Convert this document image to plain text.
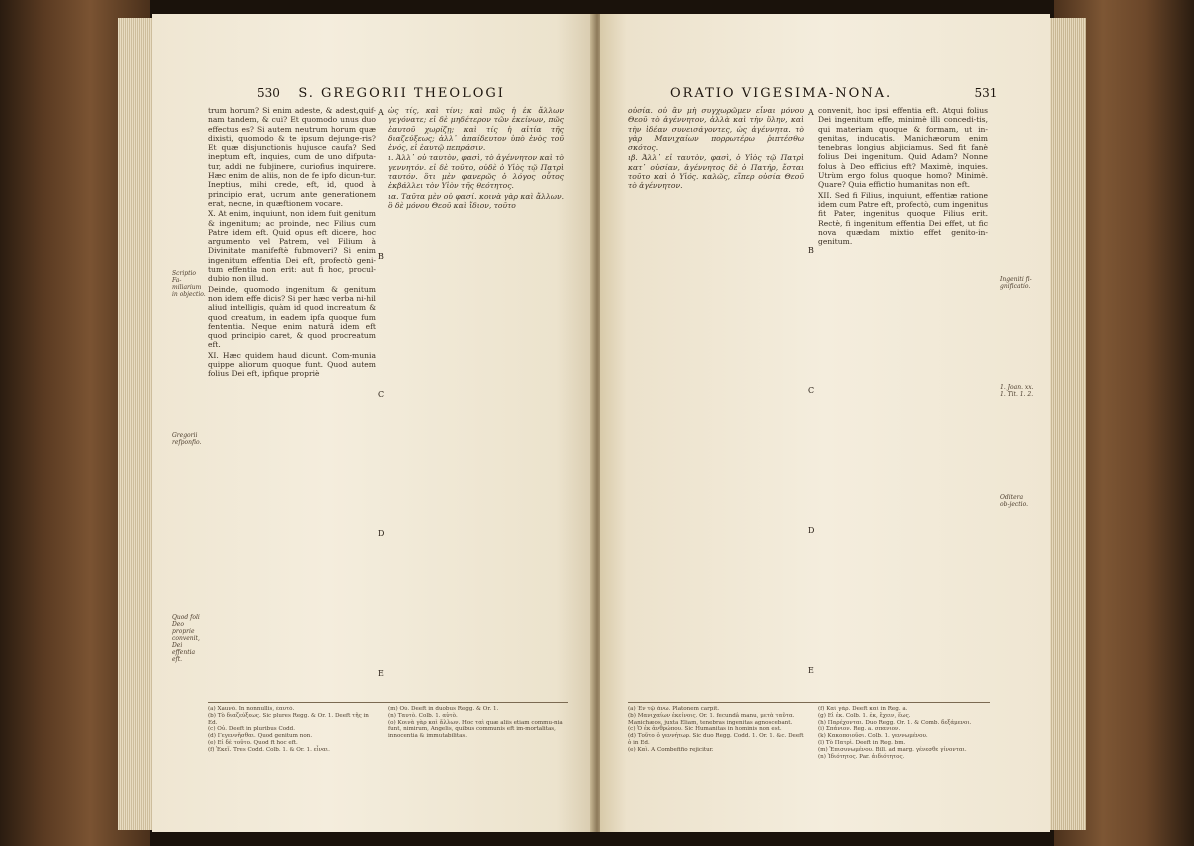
530 S. GREGORII THEOLOGI
Scriptio Fa-miliarium in objectio.
Gregorii refponfio.
Quod foli Deo proprie convenit, Dei effentia eft.

trum horum? Si enim adeste, & adest,quif-nam tandem, & cui? Et quomodo unus duo effectus es? Si autem neutrum horum quæ dixisti, quomodo & te ipsum dejunge-ris? Et quæ disjunctionis hujusce caufa? Sed ineptum eft, inquies, cum de uno difputa-tur, addi ne fubjinere, curiofius inquirere. Hæc enim de aliis, non de fe ipfo dicun-tur. Ineptius, mihi crede, eft, id, quod à principio erat, ucrum ante generationem erat, necne, in quæftionem vocare.

X. At enim, inquiunt, non idem fuit genitum & ingenitum; ac proinde, nec Filius cum Patre idem eft. Quid opus eft dicere, hoc argumento vel Patrem, vel Filium à Divinitate manifeftè fubmoveri? Si enim ingenitum effentia Dei eft, profectò geni-tum effentia non erit: aut fi hoc, procul-dubio non illud.

Deinde, quomodo ingenitum & genitum non idem effe dicis? Si per hæc verba ni-hil aliud intelligis, quàm id quod increatum & quod creatum, in eadem ipfa quoque fum fententia. Neque enim naturâ idem eft quod principio caret, & quod procreatum eft.

XI. Hæc quidem haud dicunt. Com-munia quippe aliorum quoque funt. Quod autem folius Dei eft, ipfique propriè

A
B
C
D
E

ὡς τίς, καὶ τίνι; καὶ πῶς ἡ ἐκ ἄλλων γεγόνατε; εἰ δὲ μηδέτερον τῶν ἐκείνων, πῶς ἑαυτοῦ χωρίζῃ; καὶ τίς ἡ αἰτία τῆς διαζεύξεως; ἀλλ᾽ ἀπαίδευτον ὑπὸ ἑνὸς τοῦ ἑνός, εἰ ἑαυτῷ πεπράσιν.

ι. Ἀλλ᾽ οὐ ταυτὸν, φασὶ, τὸ ἀγέννητον καὶ τὸ γεννητόν. εἰ δὲ τοῦτο, οὐδὲ ὁ Υἱὸς τῷ Πατρὶ ταυτόν. ὅτι μὲν φανερῶς ὁ λόγος οὗτος ἐκβάλλει τὸν Υἱὸν τῆς θεότητος.

ια. Ταῦτα μὲν οὐ φασί. κοινὰ γὰρ καὶ ἄλλων. ὃ δὲ μόνου Θεοῦ καὶ ἴδιον, τοῦτο

(a) Xauνό. In nonnullis, ἑαυτό.
(b) Τὸ διαζεύξεως. Sic plures Regg. & Or. 1. Deeft τῆς in Ed.
(c) Οὐ. Deeft in pluribus Codd.
(d) Γεγεννῆσθαι. Quod genitum non.
(e) Εἰ δὲ τοῦτο. Quod ft hoc eft.
(f) Ἐκεῖ. Tres Codd. Colb. 1. & Or. 1. εἶναι.
(m) Οὐ. Deeft in duobus Regg. & Or. 1.
(n) Ταυτὸ. Colb. 1. αὐτὸ.
(o) Κοινὰ γὰρ καὶ ἄλλων. Hoc ταὶ quæ aliis etiam commu-nia funt, nimirum, Angelis, quibus communis eft im-mortalitas, innocentia & immutabilitas.
ORATIO VIGESIMA-NONA.	531

οὐσία. οὐ ἂν μὴ συγχωρῶμεν εἶναι μόνου Θεοῦ τὸ ἀγέννητον, ἀλλὰ καὶ τὴν ὕλην, καὶ τὴν ἰδέαν συνεισάγοντες, ὡς ἀγέννητα. τὸ γὰρ Μανιχαίων πορρωτέρω ῥιπτέσθω σκότος.

ιβ. Ἀλλ᾽ εἰ ταυτὸν, φασὶ, ὁ Υἱὸς τῷ Πατρὶ κατ᾽ οὐσίαν, ἀγέννητος δὲ ὁ Πατήρ, ἔσται τοῦτο καὶ ὁ Υἱός. καλῶς, εἴπερ οὐσία Θεοῦ τὸ ἀγέννητον.

A
B
C
D
E

convenit, hoc ipsi effentia eft. Atqui folius Dei ingenitum effe, minimè illi concedi-tis, qui materiam quoque & formam, ut in-genitas, inducatis. Manichæorum enim tenebras longius abjiciamus. Sed fit fanè folius Dei ingenitum. Quid Adam? Nonne folus à Deo efficius eft? Maximè, inquies. Utrùm ergo folus quoque homo? Minimè. Quare? Quia effictio humanitas non eft.

XII. Sed fi Filius, inquiunt, effentiæ ratione idem cum Patre eft, profectò, cum ingenitus fit Pater, ingenitus quoque Filius erit. Rectè, fi ingenitum effentia Dei effet, ut fic nova quædam mixtio effet genito-in-genitum.

Ingeniti fi-gnificatio.
1. Joan. xx. 1. Tit. 1. 2.
Oditera ob-jectio.
(a) Ἐν τῷ ἄνω. Platonem carpit.
(b) Μανιχαίων ἐκείνοις. Or. 1. fecundâ manu, μετὰ ταῦτα. Manichæos, juxta Eliam, tenebras ingenitas agnoscebant.
(c) Ὁ ἐκ ἀνθρώπου. Sic Humanitas in hominis non est.
(d) Τοῦτο ὁ γεννήτωρ. Sic duo Regg. Codd. 1. Or. 1. &c. Deeft ὁ in Ed.
(e) Καὶ. A Combefifio rejicitur.
(f) Καὶ γὰρ. Deeft καὶ in Reg. a.
(g) Εἰ ἐκ. Colb. 1. ἐκ, ἔχειν, ἕως.
(h) Παρέχονται. Duo Regg. Or. 1. & Comb. δεξάμενοι.
(i) Σπάνιον. Reg. a. σπανιον.
(k) Κακοποιοῦσι. Colb. 1. γεννωμένου.
(l) Τὸ Πατρὶ. Deeft in Reg. bm.
(m) Ἐπισυνωμένου. Bill. ad marg. γένεσθε γίνονται.
(n) Ἰδιότητος. Par. ἀιδιότητος.
